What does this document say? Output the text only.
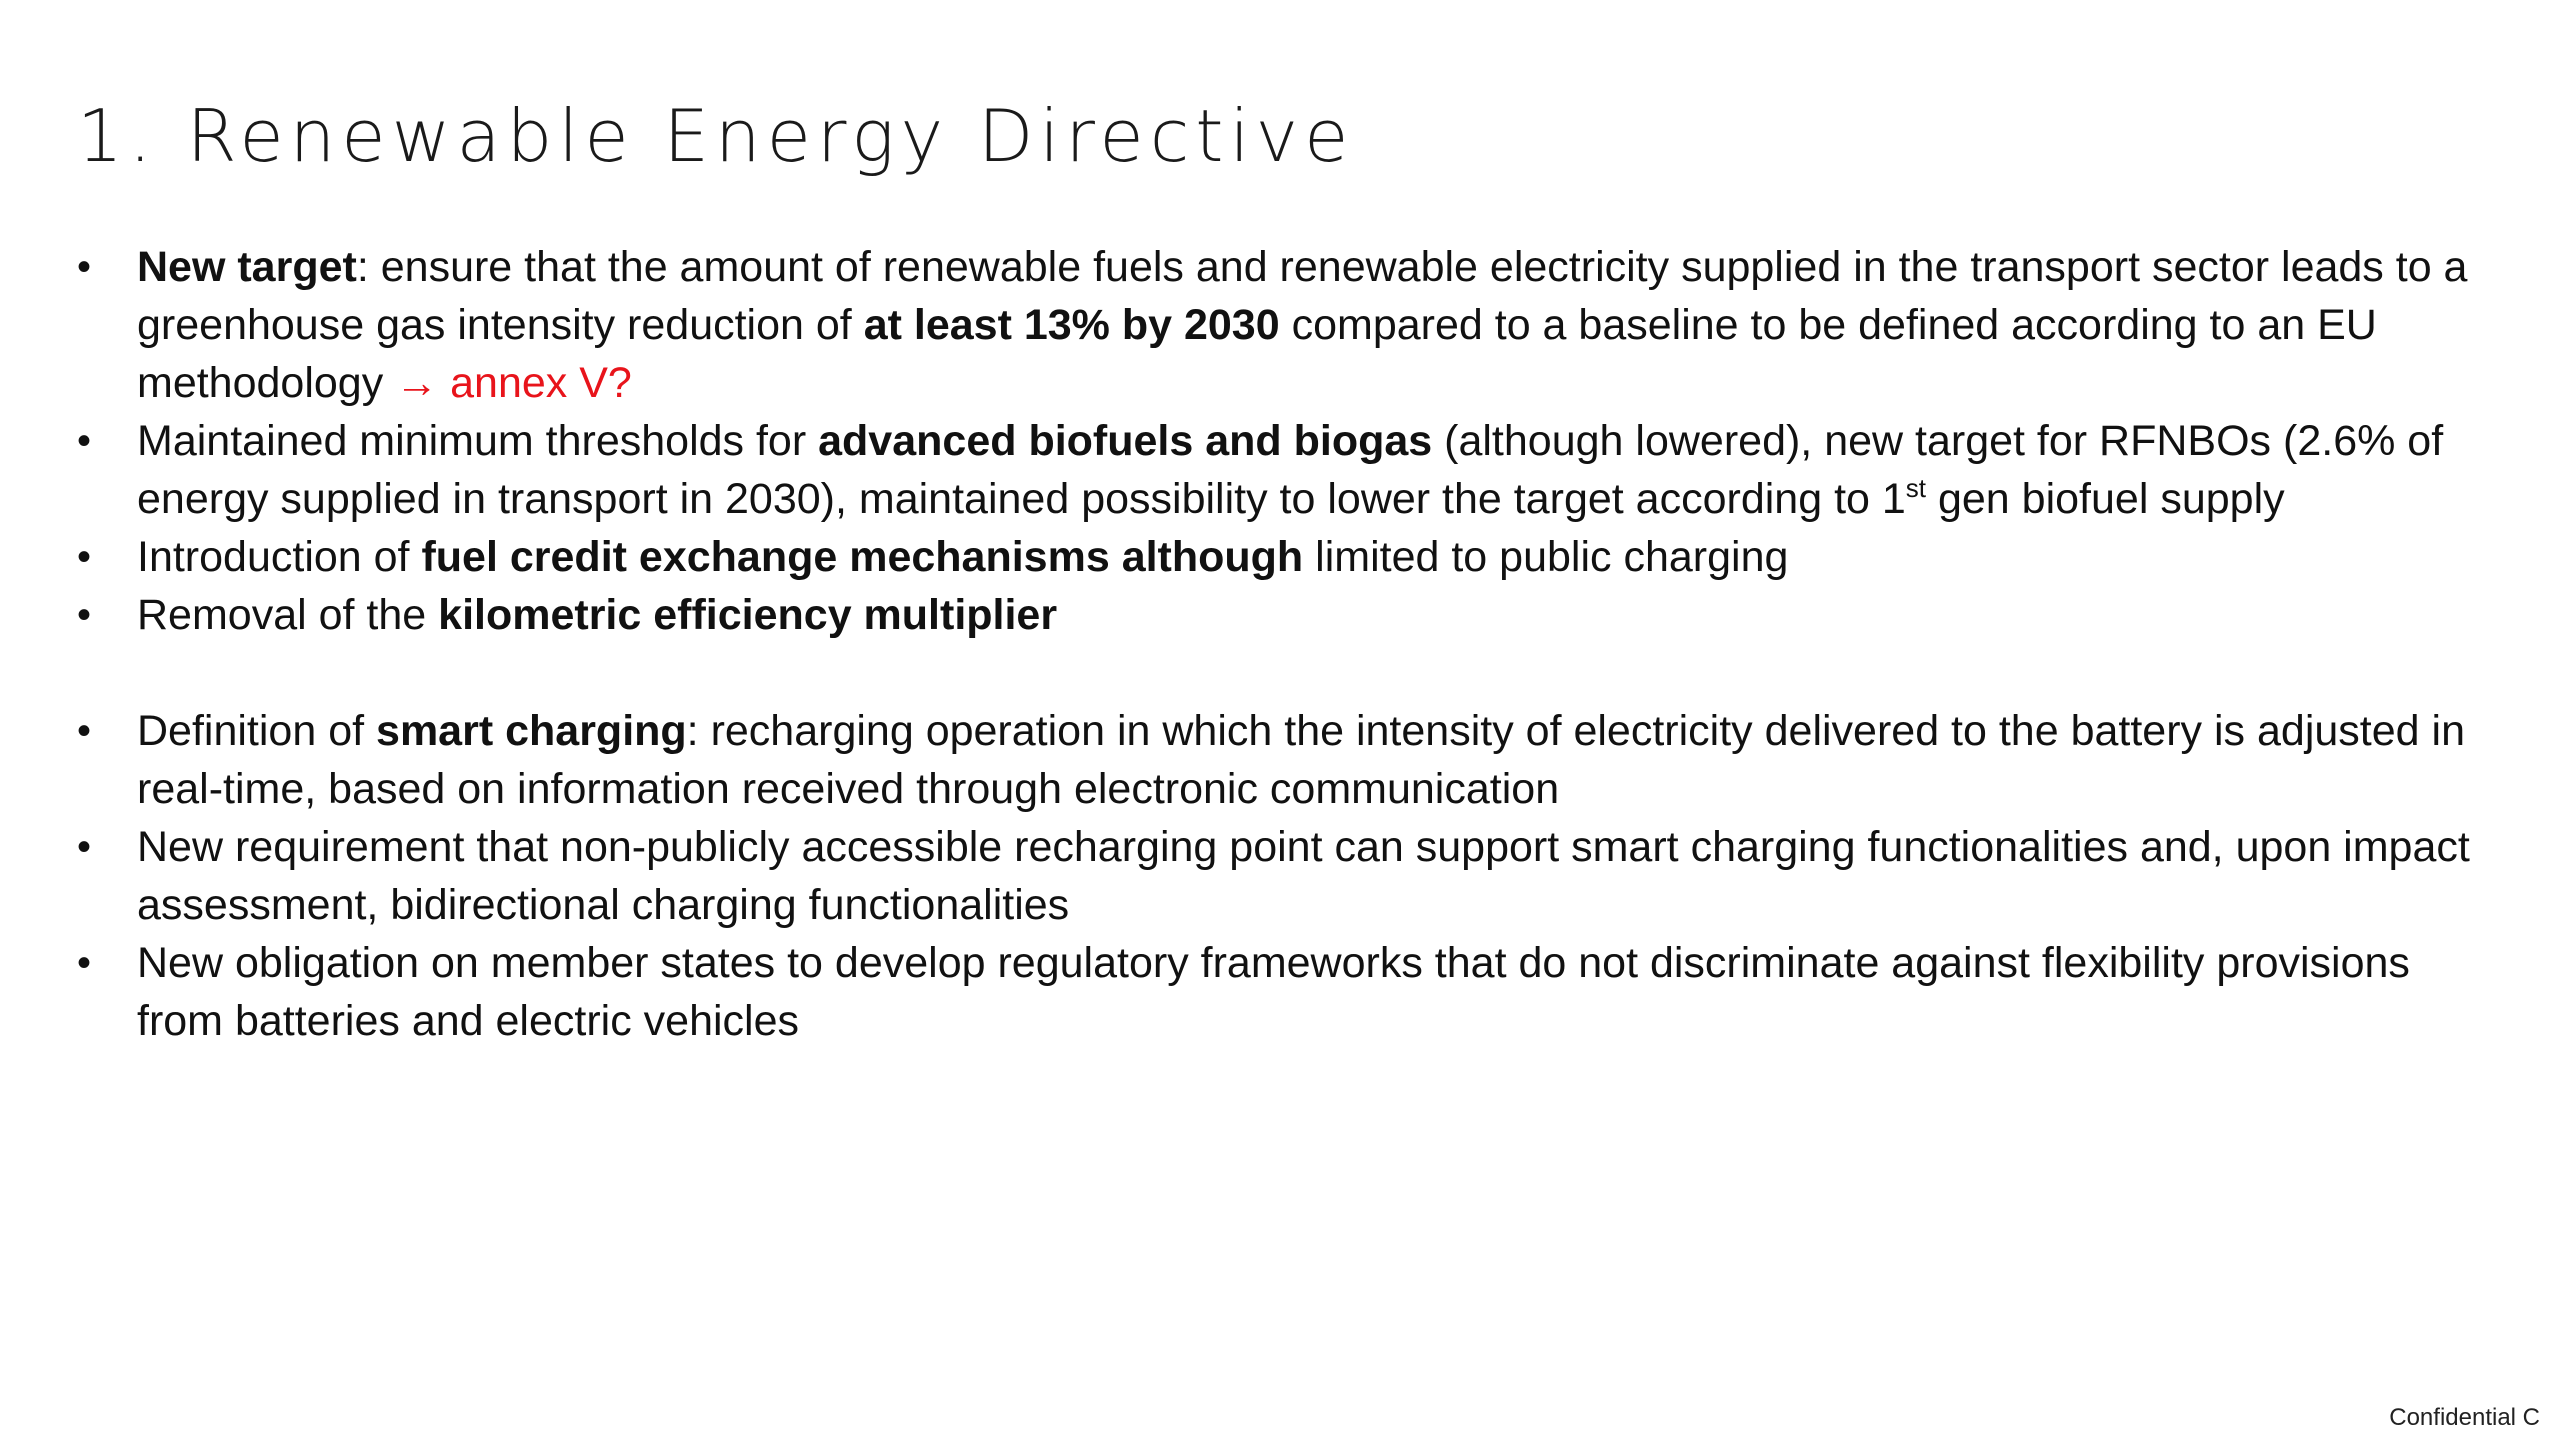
1. Renewable Energy Directive
•	New target: ensure that the amount of renewable fuels and renewable electricity supplied in the transport sector leads to a greenhouse gas intensity reduction of at least 13% by 2030 compared to a baseline to be defined according to an EU methodology → annex V?
•	Maintained minimum thresholds for advanced biofuels and biogas (although lowered), new target for RFNBOs (2.6% of energy supplied in transport in 2030), maintained possibility to lower the target according to 1st gen biofuel supply
•	Introduction of fuel credit exchange mechanisms although limited to public charging
•	Removal of the kilometric efficiency multiplier
•	Definition of smart charging: recharging operation in which the intensity of electricity delivered to the battery is adjusted in real-time, based on information received through electronic communication
•	New requirement that non-publicly accessible recharging point can support smart charging functionalities and, upon impact assessment, bidirectional charging functionalities
•	New obligation on member states to develop regulatory frameworks that do not discriminate against flexibility provisions from batteries and electric vehicles
Confidential C
